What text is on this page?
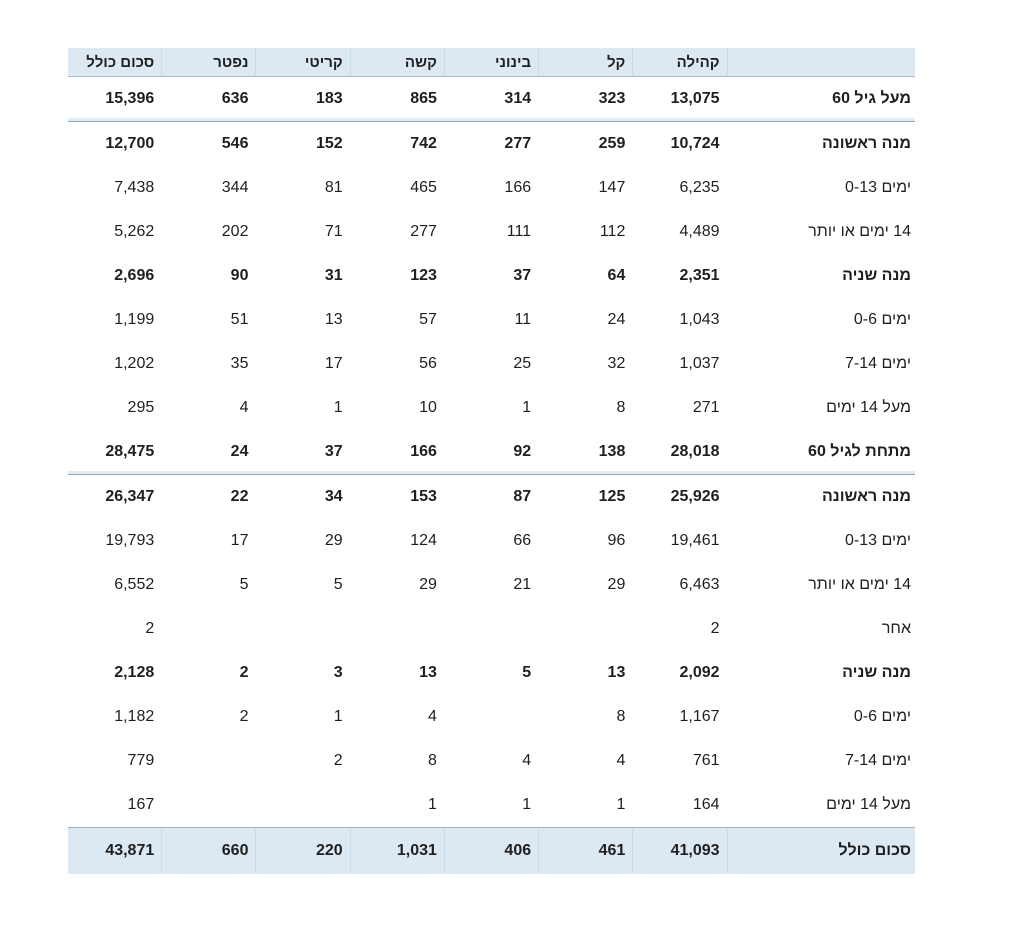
	קהילה	קל	בינוני	קשה	קריטי	נפטר	סכום כולל
מעל גיל 60	13,075	323	314	865	183	636	15,396
מנה ראשונה	10,724	259	277	742	152	546	12,700
ימים 0-13	6,235	147	166	465	81	344	7,438
14 ימים או יותר	4,489	112	111	277	71	202	5,262
מנה שניה	2,351	64	37	123	31	90	2,696
ימים 0-6	1,043	24	11	57	13	51	1,199
ימים 7-14	1,037	32	25	56	17	35	1,202
מעל 14 ימים	271	8	1	10	1	4	295
מתחת לגיל 60	28,018	138	92	166	37	24	28,475
מנה ראשונה	25,926	125	87	153	34	22	26,347
ימים 0-13	19,461	96	66	124	29	17	19,793
14 ימים או יותר	6,463	29	21	29	5	5	6,552
אחר	2						2
מנה שניה	2,092	13	5	13	3	2	2,128
ימים 0-6	1,167	8		4	1	2	1,182
ימים 7-14	761	4	4	8	2		779
מעל 14 ימים	164	1	1	1			167
סכום כולל	41,093	461	406	1,031	220	660	43,871
